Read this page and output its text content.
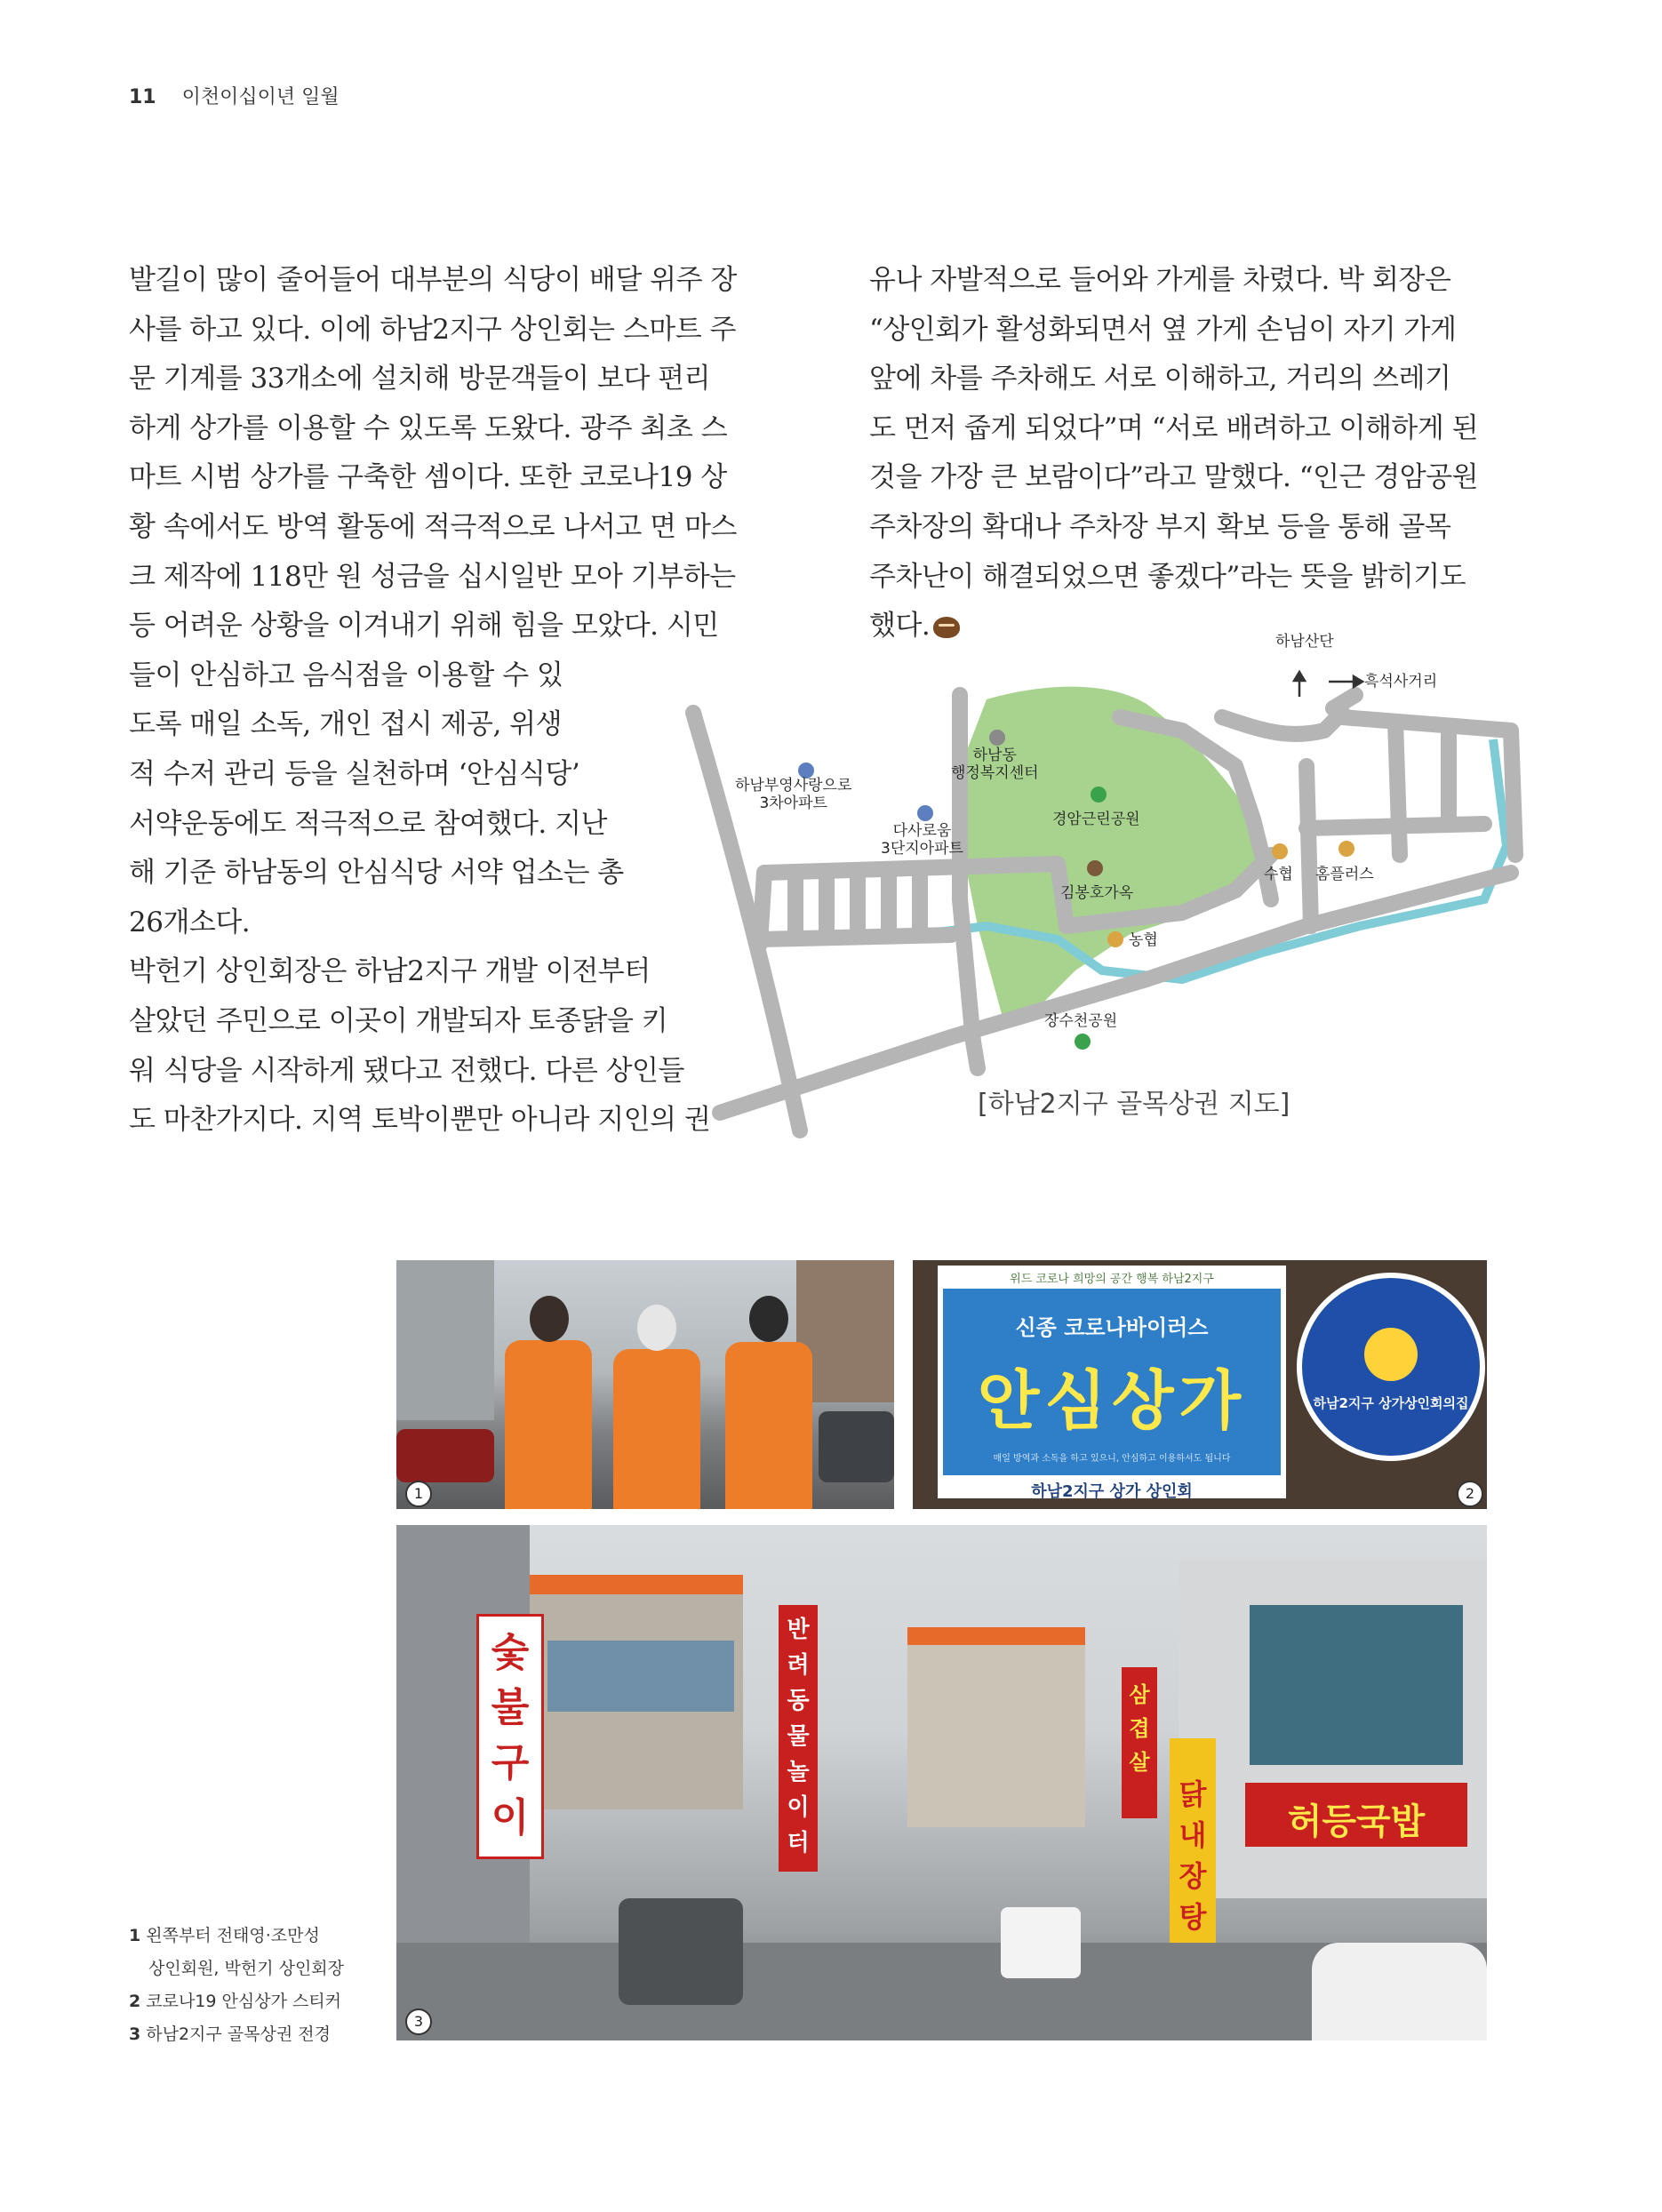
11 이천이십이년 일월
발길이 많이 줄어들어 대부분의 식당이 배달 위주 장
사를 하고 있다. 이에 하남2지구 상인회는 스마트 주
문 기계를 33개소에 설치해 방문객들이 보다 편리
하게 상가를 이용할 수 있도록 도왔다. 광주 최초 스
마트 시범 상가를 구축한 셈이다. 또한 코로나19 상
황 속에서도 방역 활동에 적극적으로 나서고 면 마스
크 제작에 118만 원 성금을 십시일반 모아 기부하는
등 어려운 상황을 이겨내기 위해 힘을 모았다. 시민
들이 안심하고 음식점을 이용할 수 있
도록 매일 소독, 개인 접시 제공, 위생
적 수저 관리 등을 실천하며 ‘안심식당’
서약운동에도 적극적으로 참여했다. 지난
해 기준 하남동의 안심식당 서약 업소는 총
26개소다.
박헌기 상인회장은 하남2지구 개발 이전부터
살았던 주민으로 이곳이 개발되자 토종닭을 키
워 식당을 시작하게 됐다고 전했다. 다른 상인들
도 마찬가지다. 지역 토박이뿐만 아니라 지인의 권
유나 자발적으로 들어와 가게를 차렸다. 박 회장은
“상인회가 활성화되면서 옆 가게 손님이 자기 가게
앞에 차를 주차해도 서로 이해하고, 거리의 쓰레기
도 먼저 줍게 되었다”며 “서로 배려하고 이해하게 된
것을 가장 큰 보람이다”라고 말했다. “인근 경암공원
주차장의 확대나 주차장 부지 확보 등을 통해 골목
주차난이 해결되었으면 좋겠다”라는 뜻을 밝히기도
했다.	하남산단
흑석사거리
하남부영사랑으로
3차아파트
하남동
행정복지센터
다사로움
3단지아파트
경암근린공원
수협 홈플러스
김봉호가옥
농협
장수천공원
[하남2지구 골목상권 지도]
1
위드 코로나 희망의 공간 행복 하남2지구
신종 코로나바이러스
안심상가
매일 방역과 소독을 하고 있으니, 안심하고 이용하셔도 됩니다
하남2지구 상가 상인회
하남2지구 상가상인회의집
2
숯불구이
반려동물놀이터
삼겹살
닭내장탕
허등국밥
3
1 왼쪽부터 전태영·조만성
상인회원, 박헌기 상인회장
2 코로나19 안심상가 스티커
3 하남2지구 골목상권 전경
